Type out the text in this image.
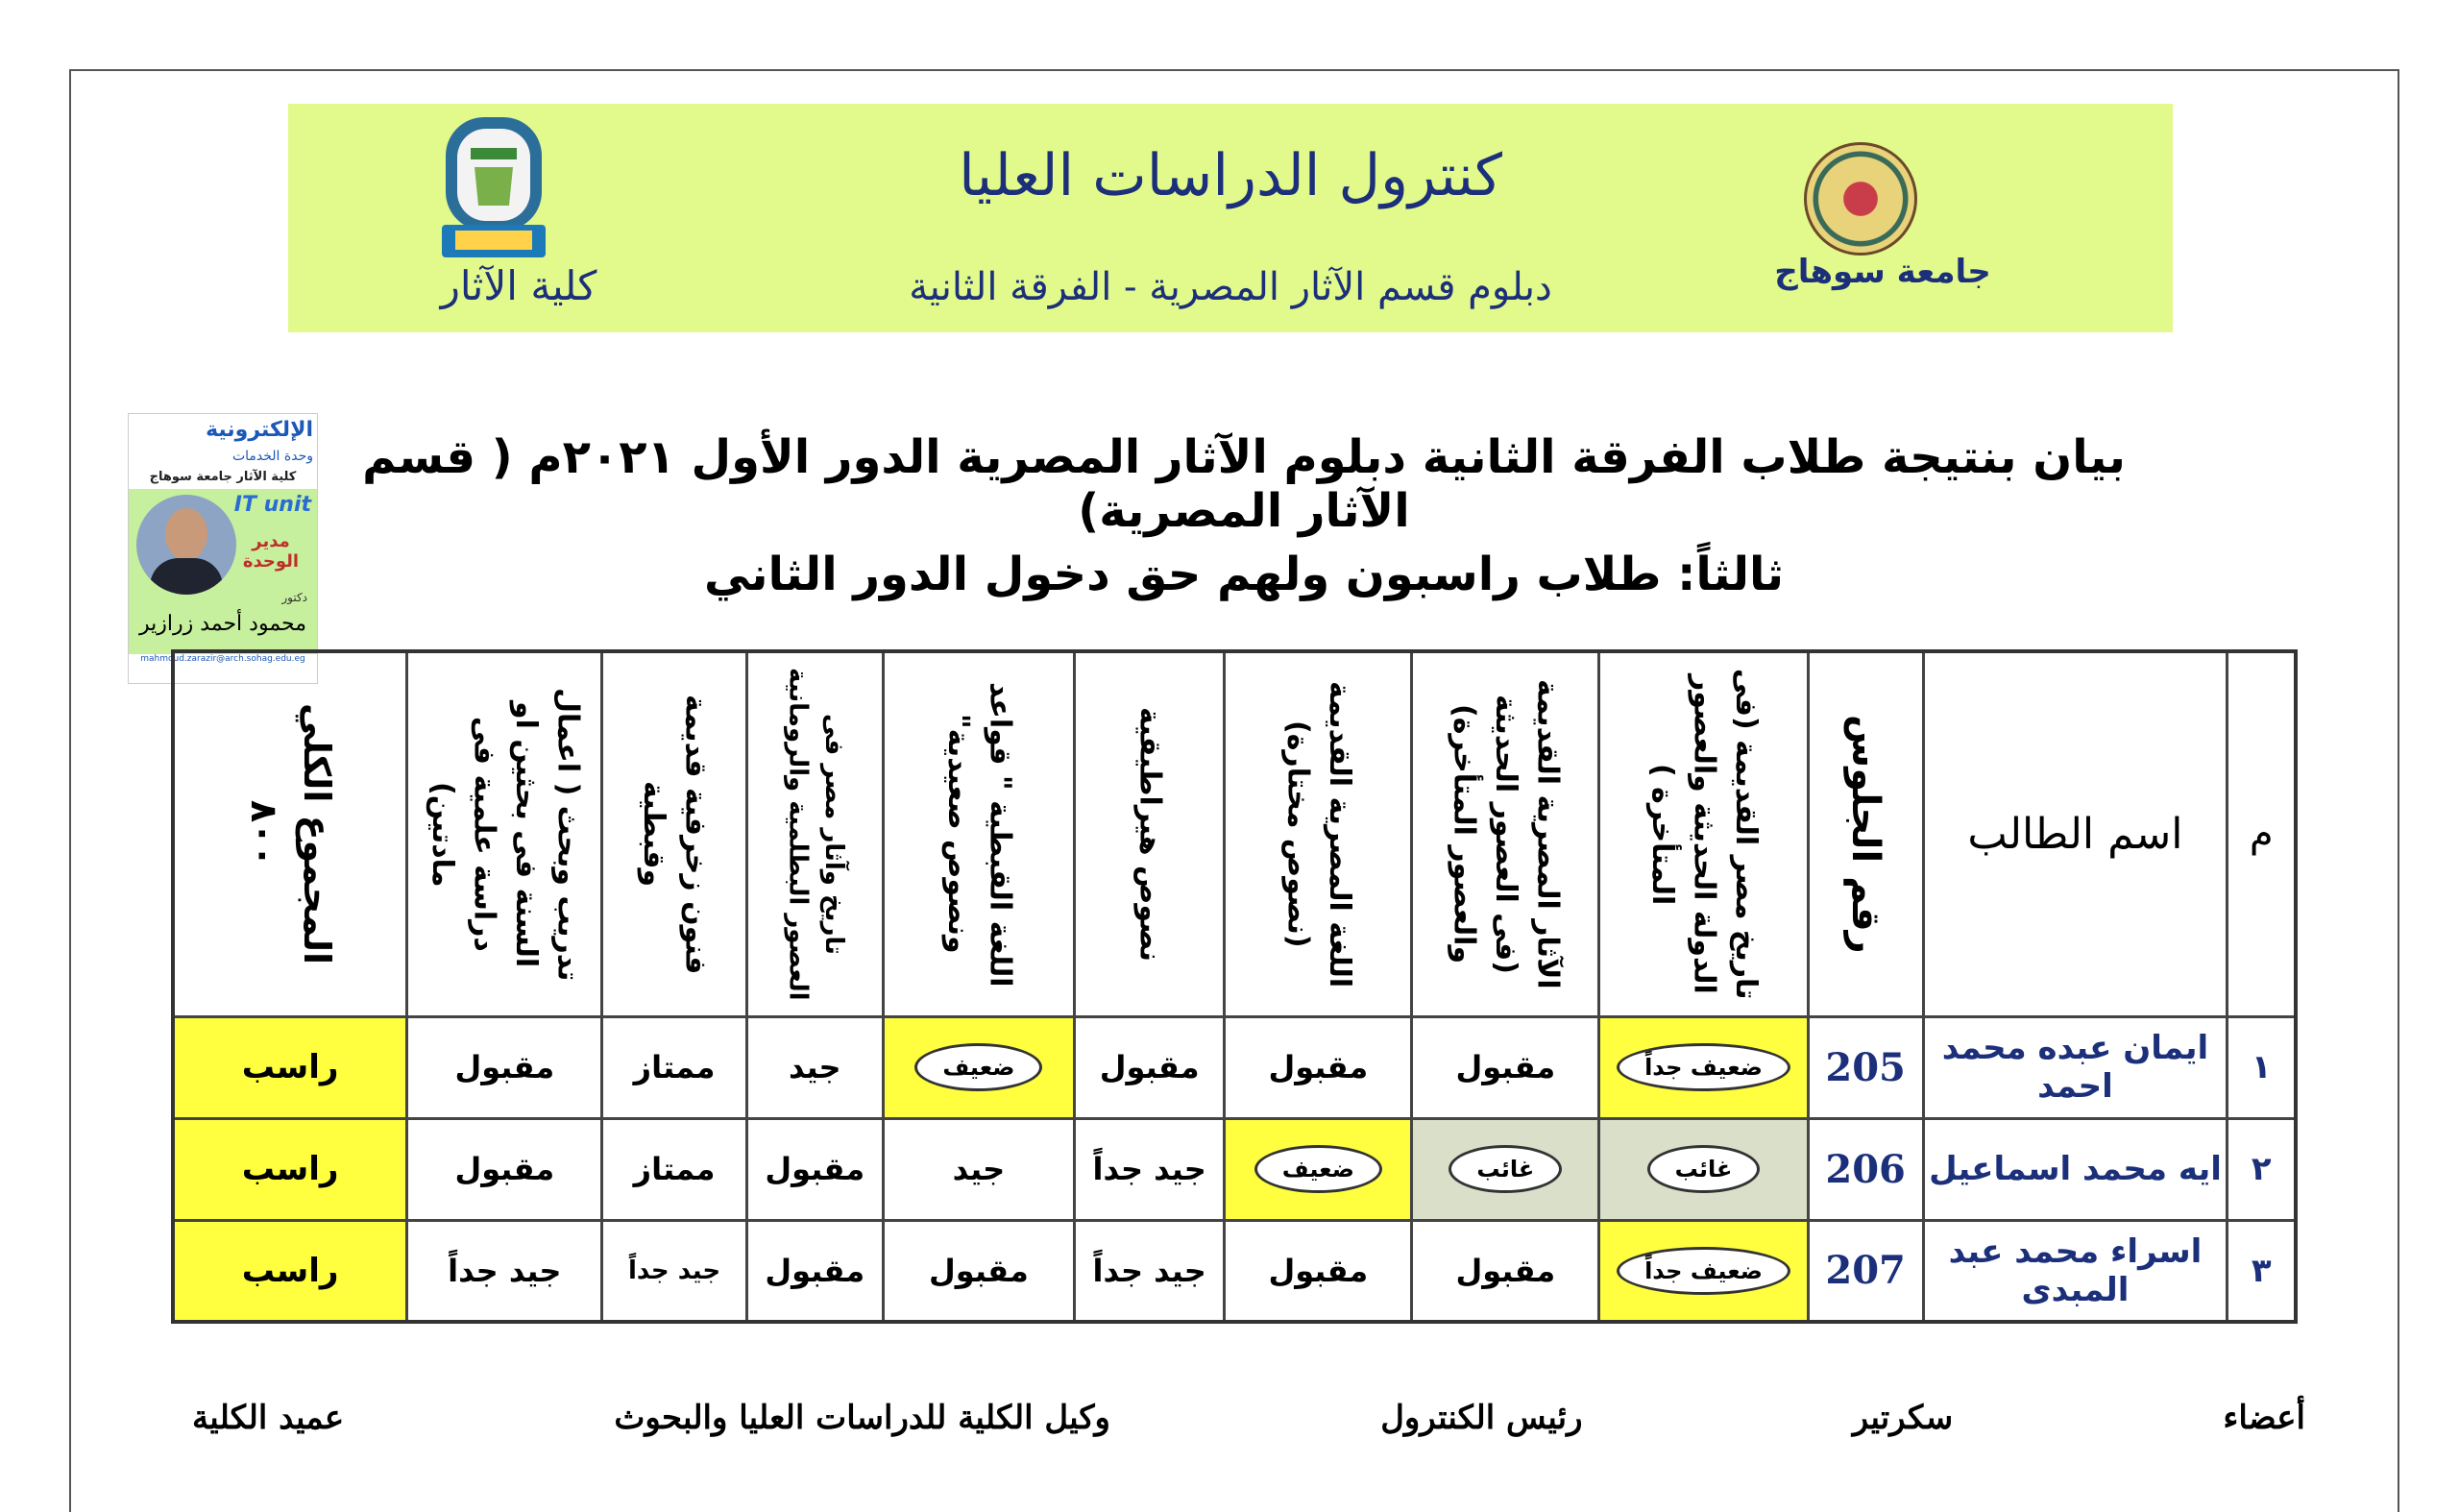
جامعة سوهاج
كنترول الدراسات العليا
دبلوم قسم الآثار المصرية - الفرقة الثانية
كلية الآثار
الإلكترونية
وحدة الخدمات
كلية الآثار جامعة سوهاج
IT unit
مدير الوحدة
دكتور
محمود أحمد زرازير
mahmoud.zarazir@arch.sohag.edu.eg
بيان بنتيجة طلاب الفرقة الثانية دبلوم الآثار المصرية الدور الأول ٢٠٢١م ( قسم الآثار المصرية)
ثالثاً: طلاب راسبون ولهم حق دخول الدور الثاني
م	اسم الطالب	رقم الجلوس	تاريخ مصر القديمة (فى الدولة الحديثة والعصور المتأخرة )	الآثار المصرية القديمة (فى العصور الحديثة والعصور المتأخرة)	اللغة المصرية القديمة (نصوص مختارة)	نصوص هيراطيقية	اللغة القبطية " قواعد ونصوص صعيدية"	تاريخ وآثار مصر فى العصور البطلمية والرومانية	فنون زخرفية قديمة وقبطية	تدريب وبحث ( اعمال السنة فى بحثين او دراسة علمية فى مادتين)	المجموع الكلي ٨٠٠

١	ايمان عبده محمد احمد	205	ضعيف جداً	مقبول	مقبول	مقبول	ضعيف	جيد	ممتاز	مقبول	راسب
٢	ايه محمد اسماعيل	206	غائب	غائب	ضعيف	جيد جداً	جيد	مقبول	ممتاز	مقبول	راسب
٣	اسراء محمد عبد المبدى	207	ضعيف جداً	مقبول	مقبول	جيد جداً	مقبول	مقبول	جيد جداً	جيد جداً	راسب
أعضاء
سكرتير
رئيس الكنترول
وكيل الكلية للدراسات العليا والبحوث
عميد الكلية
